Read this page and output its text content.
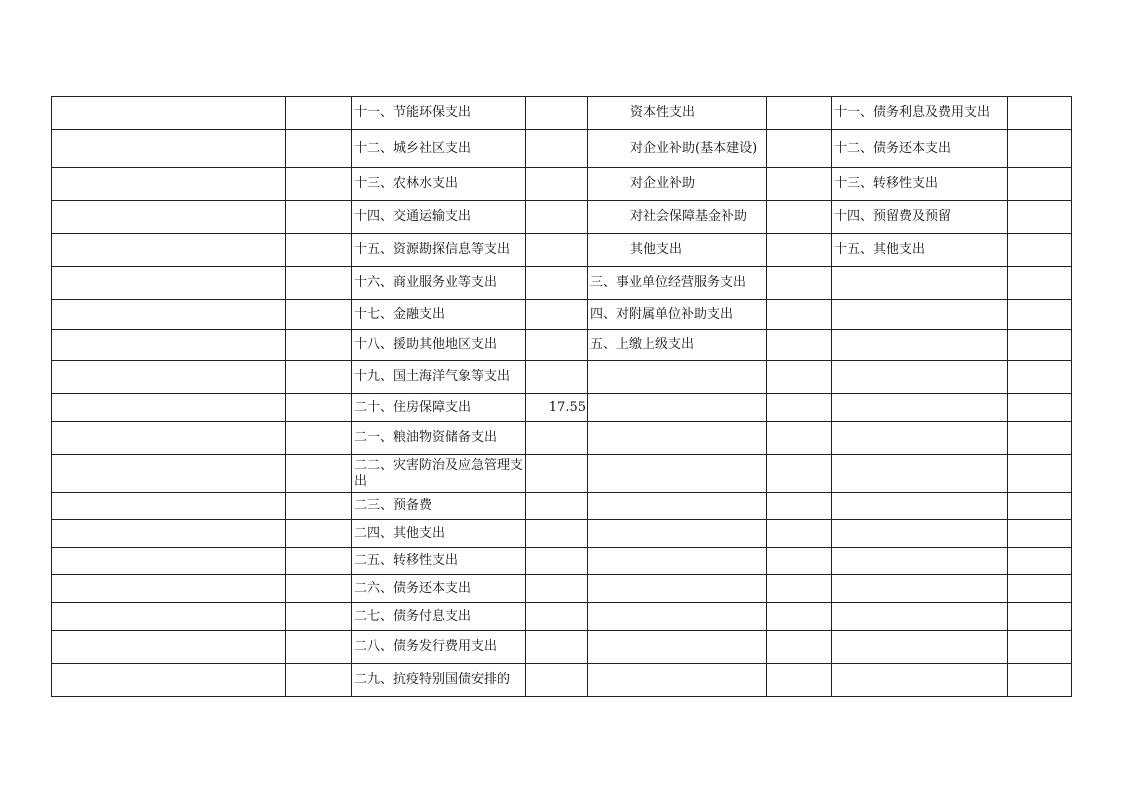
		十一、节能环保支出		资本性支出		十一、债务利息及费用支出	
		十二、城乡社区支出		对企业补助(基本建设)		十二、债务还本支出	
		十三、农林水支出		对企业补助		十三、转移性支出	
		十四、交通运输支出		对社会保障基金补助		十四、预留费及预留	
		十五、资源勘探信息等支出		其他支出		十五、其他支出	
		十六、商业服务业等支出		三、事业单位经营服务支出			
		十七、金融支出		四、对附属单位补助支出			
		十八、援助其他地区支出		五、上缴上级支出			
		十九、国土海洋气象等支出					
		二十、住房保障支出	17.55				
		二一、粮油物资储备支出					
		二二、灾害防治及应急管理支出					
		二三、预备费					
		二四、其他支出					
		二五、转移性支出					
		二六、债务还本支出					
		二七、债务付息支出					
		二八、债务发行费用支出					
		二九、抗疫特别国债安排的					
